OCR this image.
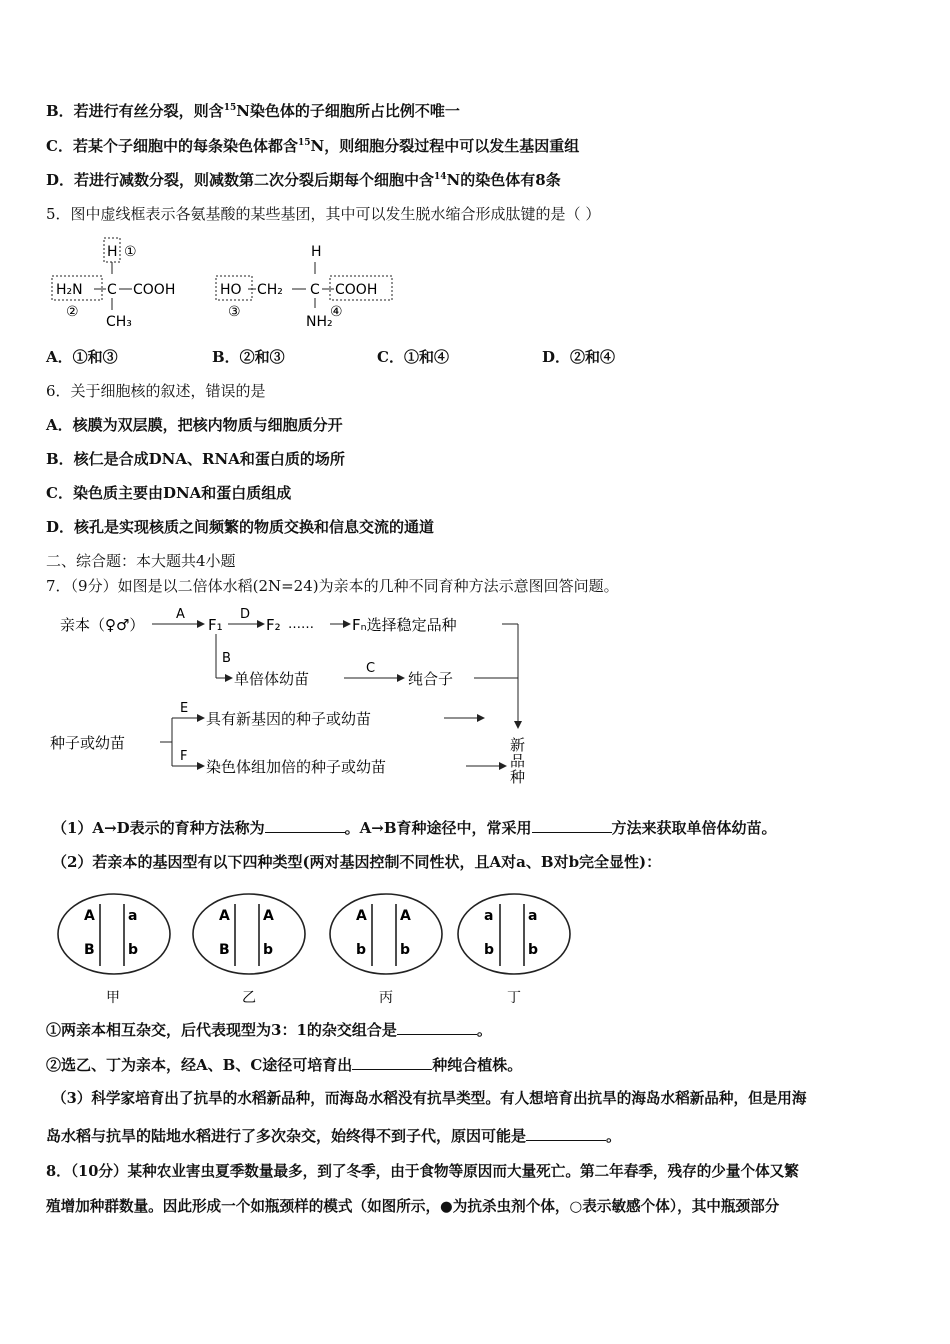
B．若进行有丝分裂，则含$^{15}$N染色体的子细胞所占比例不唯一
C．若某个子细胞中的每条染色体都含$^{15}$N，则细胞分裂过程中可以发生基因重组
D．若进行减数分裂，则减数第二次分裂后期每个细胞中含$^{14}$N的染色体有8条
5．图中虚线框表示各氨基酸的某些基团，其中可以发生脱水缩合形成肽键的是（ ）
H ①
H₂N C COOH
CH₃
②
HO CH₂ C
H
NH₂
COOH
③	④
A．①和③	B．②和③	C．①和④	D．②和④
6．关于细胞核的叙述，错误的是
A．核膜为双层膜，把核内物质与细胞质分开
B．核仁是合成DNA、RNA和蛋白质的场所
C．染色质主要由DNA和蛋白质组成
D．核孔是实现核质之间频繁的物质交换和信息交流的通道
二、综合题：本大题共4小题
7．（9分）如图是以二倍体水稻(2N=24)为亲本的几种不同育种方法示意图回答问题。
亲本（♀♂）
A
F₁
D
F₂ ……	Fₙ选择稳定品种
B
单倍体幼苗
C
纯合子
种子或幼苗
E
具有新基因的种子或幼苗
F
染色体组加倍的种子或幼苗
新
品
种
（1）A→D表示的育种方法称为	。A→B育种途径中，常采用	方法来获取单倍体幼苗。
（2）若亲本的基因型有以下四种类型(两对基因控制不同性状，且A对a、B对b完全显性)：
A a
B b
甲
A A
B b
乙
A A
b b
丙
a a
b b
丁
①两亲本相互杂交，后代表现型为3：1的杂交组合是	。
②选乙、丁为亲本，经A、B、C途径可培育出	种纯合植株。
（3）科学家培育出了抗旱的水稻新品种，而海岛水稻没有抗旱类型。有人想培育出抗旱的海岛水稻新品种，但是用海
岛水稻与抗旱的陆地水稻进行了多次杂交，始终得不到子代，原因可能是	。
8．（10分）某种农业害虫夏季数量最多，到了冬季，由于食物等原因而大量死亡。第二年春季，残存的少量个体又繁
殖增加种群数量。因此形成一个如瓶颈样的模式（如图所示，●为抗杀虫剂个体，○表示敏感个体），其中瓶颈部分
